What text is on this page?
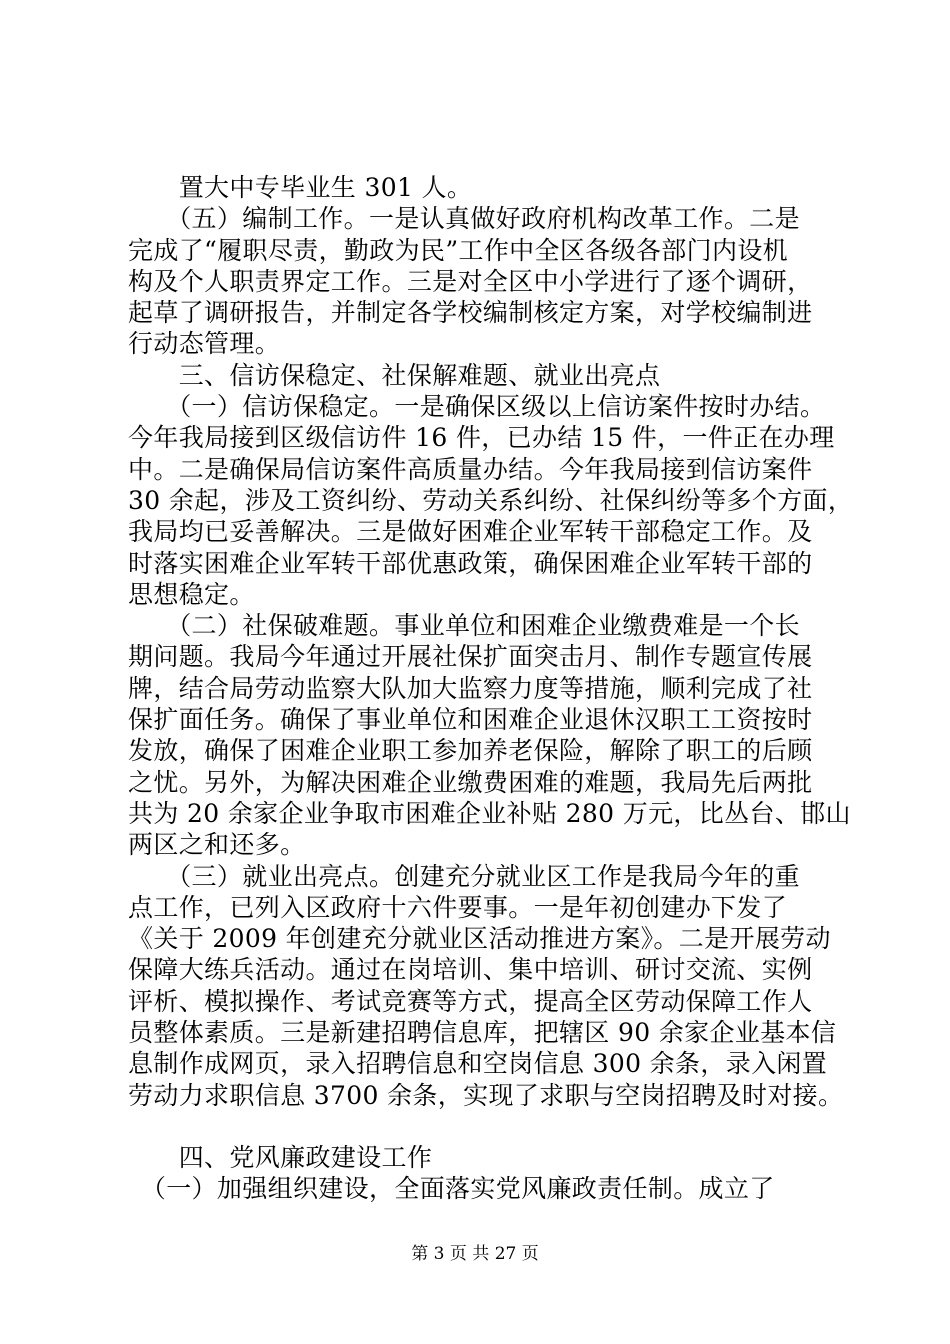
　　置大中专毕业生 301 人。
　　（五）编制工作。一是认真做好政府机构改革工作。二是
完成了“履职尽责，勤政为民”工作中全区各级各部门内设机
构及个人职责界定工作。三是对全区中小学进行了逐个调研，
起草了调研报告，并制定各学校编制核定方案，对学校编制进
行动态管理。
　　三、信访保稳定、社保解难题、就业出亮点
　　（一）信访保稳定。一是确保区级以上信访案件按时办结。
今年我局接到区级信访件 16 件，已办结 15 件，一件正在办理
中。二是确保局信访案件高质量办结。今年我局接到信访案件
30 余起，涉及工资纠纷、劳动关系纠纷、社保纠纷等多个方面，
我局均已妥善解决。三是做好困难企业军转干部稳定工作。及
时落实困难企业军转干部优惠政策，确保困难企业军转干部的
思想稳定。
　　（二）社保破难题。事业单位和困难企业缴费难是一个长
期问题。我局今年通过开展社保扩面突击月、制作专题宣传展
牌，结合局劳动监察大队加大监察力度等措施，顺利完成了社
保扩面任务。确保了事业单位和困难企业退休汉职工工资按时
发放，确保了困难企业职工参加养老保险，解除了职工的后顾
之忧。另外，为解决困难企业缴费困难的难题，我局先后两批
共为 20 余家企业争取市困难企业补贴 280 万元，比丛台、邯山
两区之和还多。
　　（三）就业出亮点。创建充分就业区工作是我局今年的重
点工作，已列入区政府十六件要事。一是年初创建办下发了
《关于 2009 年创建充分就业区活动推进方案》。二是开展劳动
保障大练兵活动。通过在岗培训、集中培训、研讨交流、实例
评析、模拟操作、考试竞赛等方式，提高全区劳动保障工作人
员整体素质。三是新建招聘信息库，把辖区 90 余家企业基本信
息制作成网页，录入招聘信息和空岗信息 300 余条，录入闲置
劳动力求职信息 3700 余条，实现了求职与空岗招聘及时对接。
　　四、党风廉政建设工作
　（一）加强组织建设，全面落实党风廉政责任制。成立了
第 3 页 共 27 页
